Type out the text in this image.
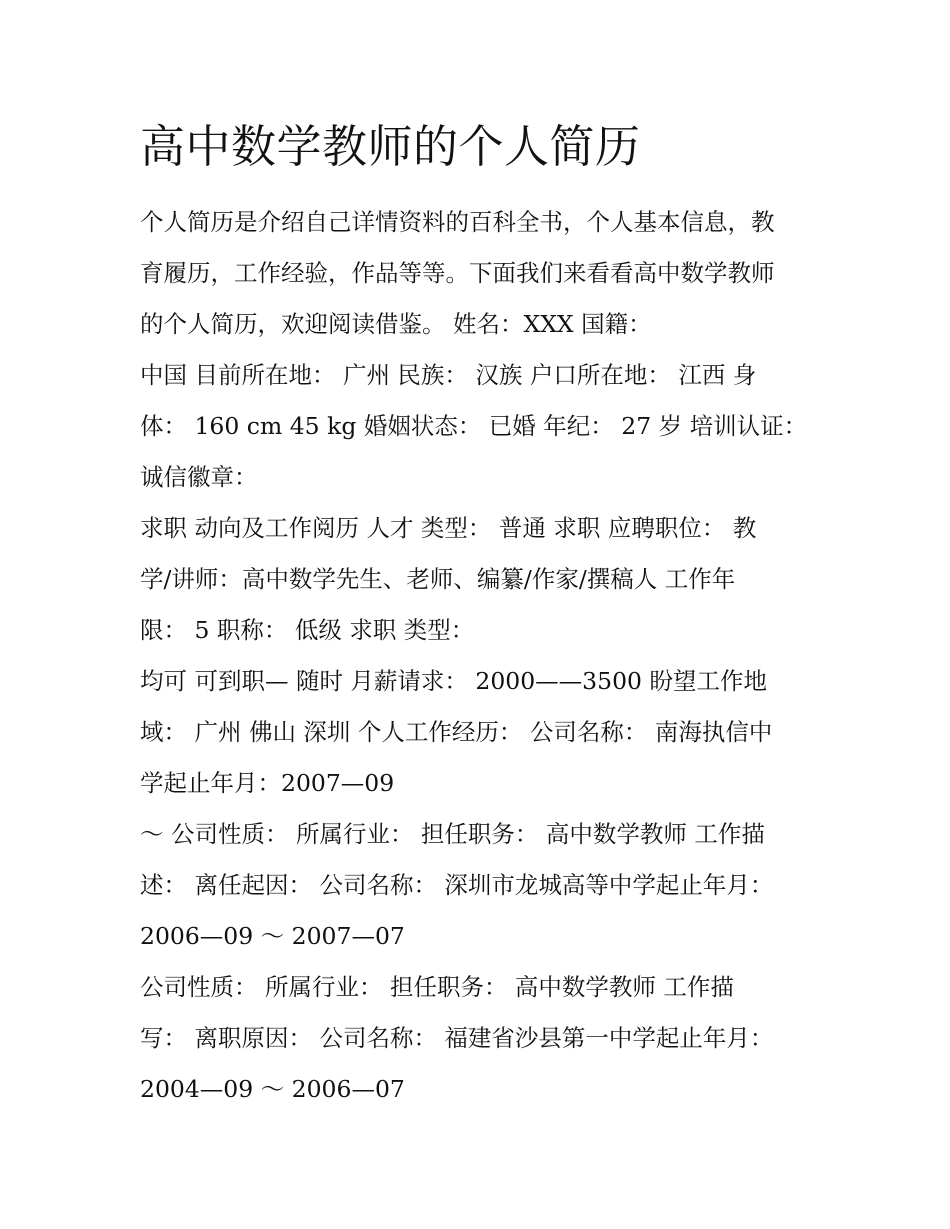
高中数学教师的个人简历

个人简历是介绍自己详情资料的百科全书，个人基本信息，教

育履历，工作经验，作品等等。下面我们来看看高中数学教师

的个人简历，欢迎阅读借鉴。 姓名：XXX 国籍：

中国 目前所在地： 广州 民族： 汉族 户口所在地： 江西 身

体： 160 cm 45 kg 婚姻状态： 已婚 年纪： 27 岁 培训认证：

诚信徽章：

求职 动向及工作阅历 人才 类型： 普通 求职 应聘职位： 教

学/讲师：高中数学先生、老师、编纂/作家/撰稿人 工作年

限： 5 职称： 低级 求职 类型：

均可 可到职— 随时 月薪请求： 2000——3500 盼望工作地

域： 广州 佛山 深圳 个人工作经历： 公司名称： 南海执信中

学起止年月：2007—09

～ 公司性质： 所属行业： 担任职务： 高中数学教师 工作描

述： 离任起因： 公司名称： 深圳市龙城高等中学起止年月：

2006—09 ～ 2007—07

公司性质： 所属行业： 担任职务： 高中数学教师 工作描

写： 离职原因： 公司名称： 福建省沙县第一中学起止年月：

2004—09 ～ 2006—07
